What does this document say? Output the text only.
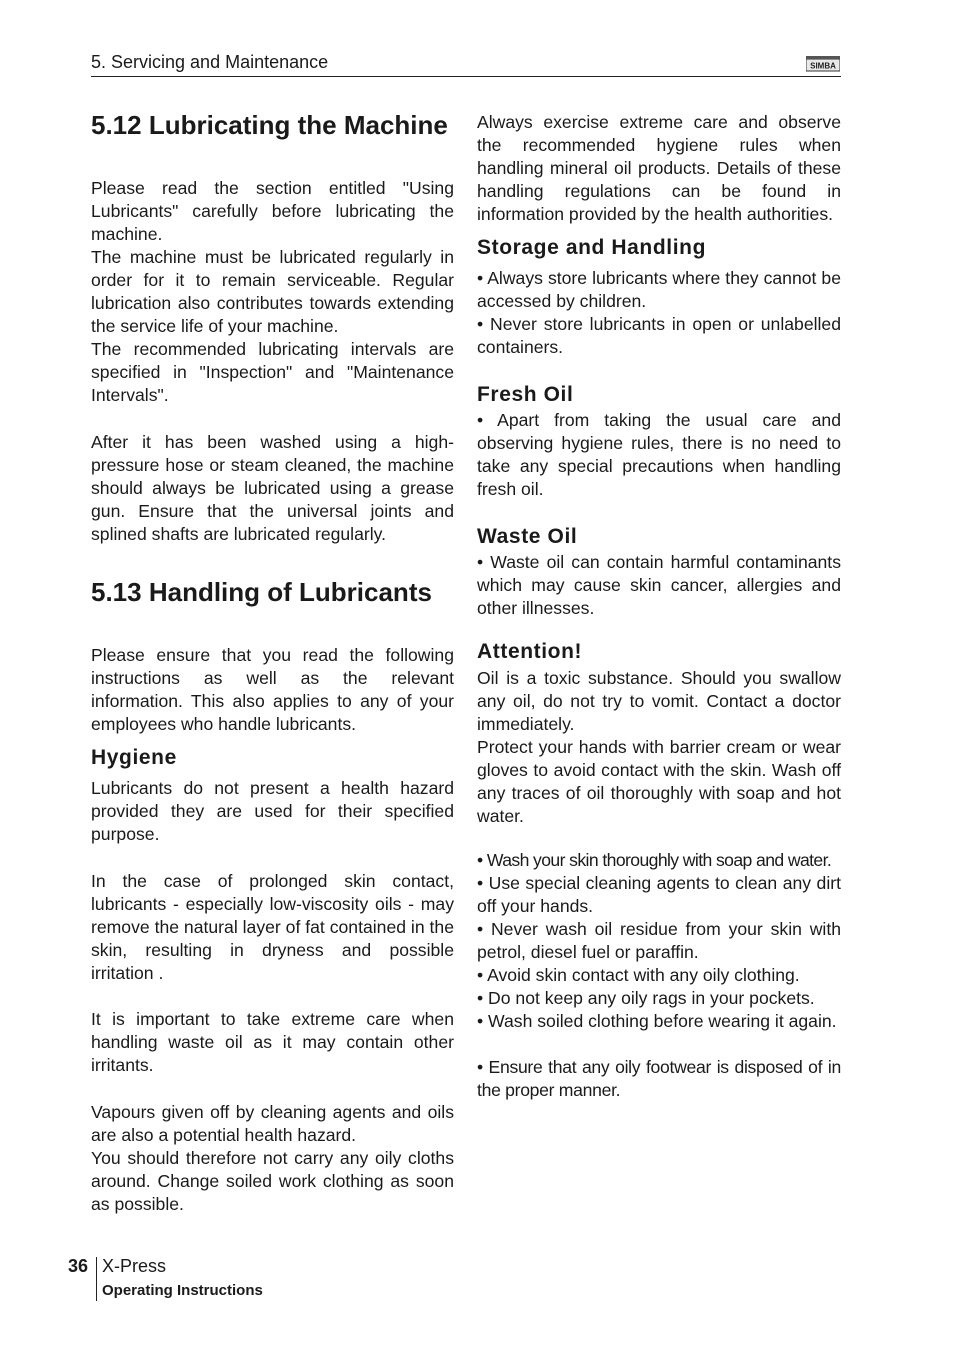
5. Servicing and Maintenance	SIMBA
5.12 Lubricating the Machine

Please read the section entitled "Using Lubricants" carefully before lubricating the machine.

The machine must be lubricated regularly in order for it to remain serviceable. Regular lubrication also contributes towards extending the service life of your machine.

The recommended lubricating intervals are specified in "Inspection" and "Maintenance Intervals".

After it has been washed using a high-pressure hose or steam cleaned, the machine should always be lubricated using a grease gun. Ensure that the universal joints and splined shafts are lubricated regularly.

5.13 Handling of Lubricants

Please ensure that you read the following instructions as well as the relevant information. This also applies to any of your employees who handle lubricants.

Hygiene

Lubricants do not present a health hazard provided they are used for their specified purpose.

In the case of prolonged skin contact, lubricants - especially low-viscosity oils - may remove the natural layer of fat contained in the skin, resulting in dryness and possible irritation .

It is important to take extreme care when handling waste oil as it may contain other irritants.

Vapours given off by cleaning agents and oils are also a potential health hazard.

You should therefore not carry any oily cloths around. Change soiled work clothing as soon as possible.

Always exercise extreme care and observe the recommended hygiene rules when handling mineral oil products. Details of these handling regulations can be found in information provided by the health authorities.

Storage and Handling

• Always store lubricants where they cannot be accessed by children.

• Never store lubricants in open or unlabelled containers.

Fresh Oil

• Apart from taking the usual care and observing hygiene rules, there is no need to take any special precautions when handling fresh oil.

Waste Oil

• Waste oil can contain harmful contaminants which may cause skin cancer, allergies and other illnesses.

Attention!

Oil is a toxic substance. Should you swallow any oil, do not try to vomit. Contact a doctor immediately.

Protect your hands with barrier cream or wear gloves to avoid contact with the skin. Wash off any traces of oil thoroughly with soap and hot water.

• Wash your skin thoroughly with soap and water.

• Use special cleaning agents to clean any dirt off your hands.

• Never wash oil residue from your skin with petrol, diesel fuel or paraffin.

• Avoid skin contact with any oily clothing.

• Do not keep any oily rags in your pockets.

• Wash soiled clothing before wearing it again.

• Ensure that any oily footwear is disposed of in the proper manner.

36 X-Press
Operating Instructions
